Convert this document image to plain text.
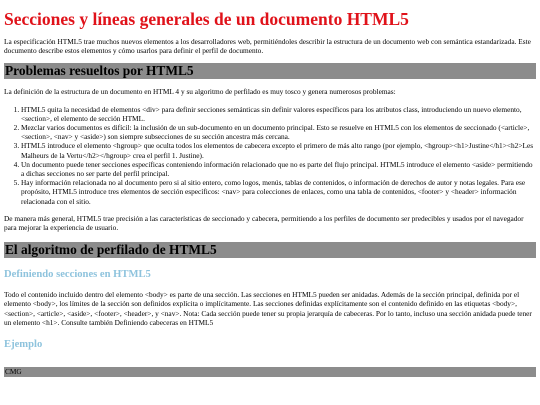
Secciones y líneas generales de un documento HTML5

La especificación HTML5 trae muchos nuevos elementos a los desarrolladores web, permitiéndoles describir la estructura de un documento web con semántica estandarizada. Este documento describe estos elementos y cómo usarlos para definir el perfil de documento.

Problemas resueltos por HTML5

La definición de la estructura de un documento en HTML 4 y su algoritmo de perfilado es muy tosco y genera numerosos problemas:

1. HTML5 quita la necesidad de elementos <div> para definir secciones semánticas sin definir valores específicos para los atributos class, introduciendo un nuevo elemento, <section>, el elemento de sección HTML.
2. Mezclar varios documentos es difícil: la inclusión de un sub-documento en un documento principal. Esto se resuelve en HTML5 con los elementos de seccionado (<article>, <section>, <nav> y <aside>) son siempre subsecciones de su sección ancestra más cercana.
3. HTML5 introduce el elemento <hgroup> que oculta todos los elementos de cabecera excepto el primero de más alto rango (por ejemplo, <hgroup><h1>Justine</h1><h2>Les Malheurs de la Vertu</h2></hgroup> crea el perfil 1. Justine).
4. Un documento puede tener secciones específicas conteniendo información relacionado que no es parte del flujo principal. HTML5 introduce el elemento <aside> permitiendo a dichas secciones no ser parte del perfil principal.
5. Hay información relacionada no al documento pero si al sitio entero, como logos, menús, tablas de contenidos, o información de derechos de autor y notas legales. Para ese propósito, HTML5 introduce tres elementos de sección específicos: <nav> para colecciones de enlaces, como una tabla de contenidos, <footer> y <header> información relacionada con el sitio.

De manera más general, HTML5 trae precisión a las características de seccionado y cabecera, permitiendo a los perfiles de documento ser predecibles y usados por el navegador para mejorar la experiencia de usuario.

El algoritmo de perfilado de HTML5
Definiendo secciones en HTML5

Todo el contenido incluido dentro del elemento <body> es parte de una sección. Las secciones en HTML5 pueden ser anidadas. Además de la sección principal, definida por el elemento <body>, los límites de la sección son definidos explícita o implícitamente. Las secciones definidas explícitamente son el contenido definido en las etiquetas <body>, <section>, <article>, <aside>, <footer>, <header>, y <nav>. Nota: Cada sección puede tener su propia jerarquía de cabeceras. Por lo tanto, incluso una sección anidada puede tener un elemento <h1>. Consulte también Definiendo cabeceras en HTML5

Ejemplo
CMG
